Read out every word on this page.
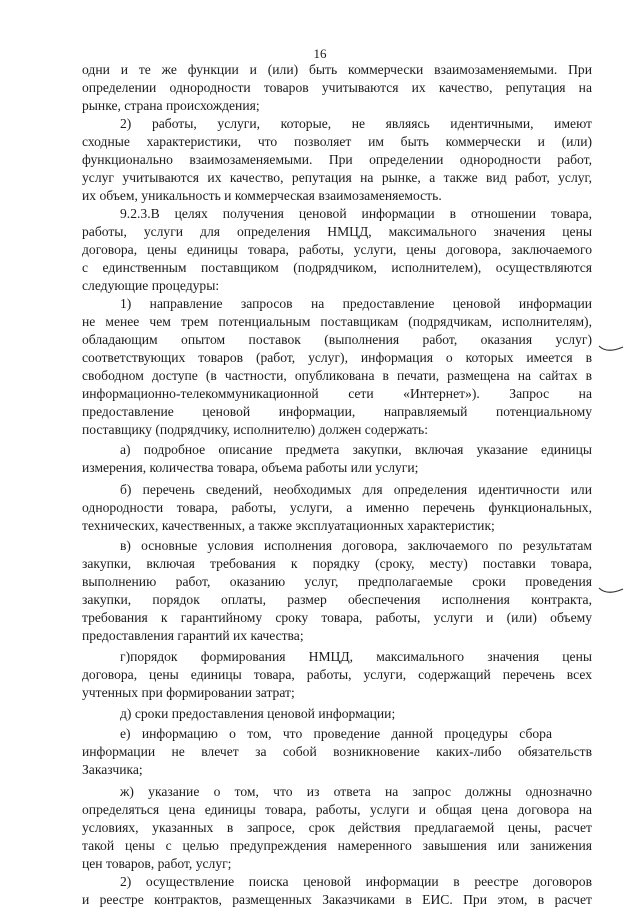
16
одни и те же функции и (или) быть коммерчески взаимозаменяемыми. При
определении однородности товаров учитываются их качество, репутация на
рынке, страна происхождения;
2) работы, услуги, которые, не являясь идентичными, имеют
сходные характеристики, что позволяет им быть коммерчески и (или)
функционально взаимозаменяемыми. При определении однородности работ,
услуг учитываются их качество, репутация на рынке, а также вид работ, услуг,
их объем, уникальность и коммерческая взаимозаменяемость.
9.2.3.В целях получения ценовой информации в отношении товара,
работы, услуги для определения НМЦД, максимального значения цены
договора, цены единицы товара, работы, услуги, цены договора, заключаемого
с единственным поставщиком (подрядчиком, исполнителем), осуществляются
следующие процедуры:
1) направление запросов на предоставление ценовой информации
не менее чем трем потенциальным поставщикам (подрядчикам, исполнителям),
обладающим опытом поставок (выполнения работ, оказания услуг)
соответствующих товаров (работ, услуг), информация о которых имеется в
свободном доступе (в частности, опубликована в печати, размещена на сайтах в
информационно-телекоммуникационной сети «Интернет»). Запрос на
предоставление ценовой информации, направляемый потенциальному
поставщику (подрядчику, исполнителю) должен содержать:
а) подробное описание предмета закупки, включая указание единицы
измерения, количества товара, объема работы или услуги;
б) перечень сведений, необходимых для определения идентичности или
однородности товара, работы, услуги, а именно перечень функциональных,
технических, качественных, а также эксплуатационных характеристик;
в) основные условия исполнения договора, заключаемого по результатам
закупки, включая требования к порядку (сроку, месту) поставки товара,
выполнению работ, оказанию услуг, предполагаемые сроки проведения
закупки, порядок оплаты, размер обеспечения исполнения контракта,
требования к гарантийному сроку товара, работы, услуги и (или) объему
предоставления гарантий их качества;
г)порядок формирования НМЦД, максимального значения цены
договора, цены единицы товара, работы, услуги, содержащий перечень всех
учтенных при формировании затрат;
д) сроки предоставления ценовой информации;
е) информацию о том, что проведение данной процедуры сбора
информации не влечет за собой возникновение каких-либо обязательств
Заказчика;
ж) указание о том, что из ответа на запрос должны однозначно
определяться цена единицы товара, работы, услуги и общая цена договора на
условиях, указанных в запросе, срок действия предлагаемой цены, расчет
такой цены с целью предупреждения намеренного завышения или занижения
цен товаров, работ, услуг;
2) осуществление поиска ценовой информации в реестре договоров
и реестре контрактов, размещенных Заказчиками в ЕИС. При этом, в расчет
